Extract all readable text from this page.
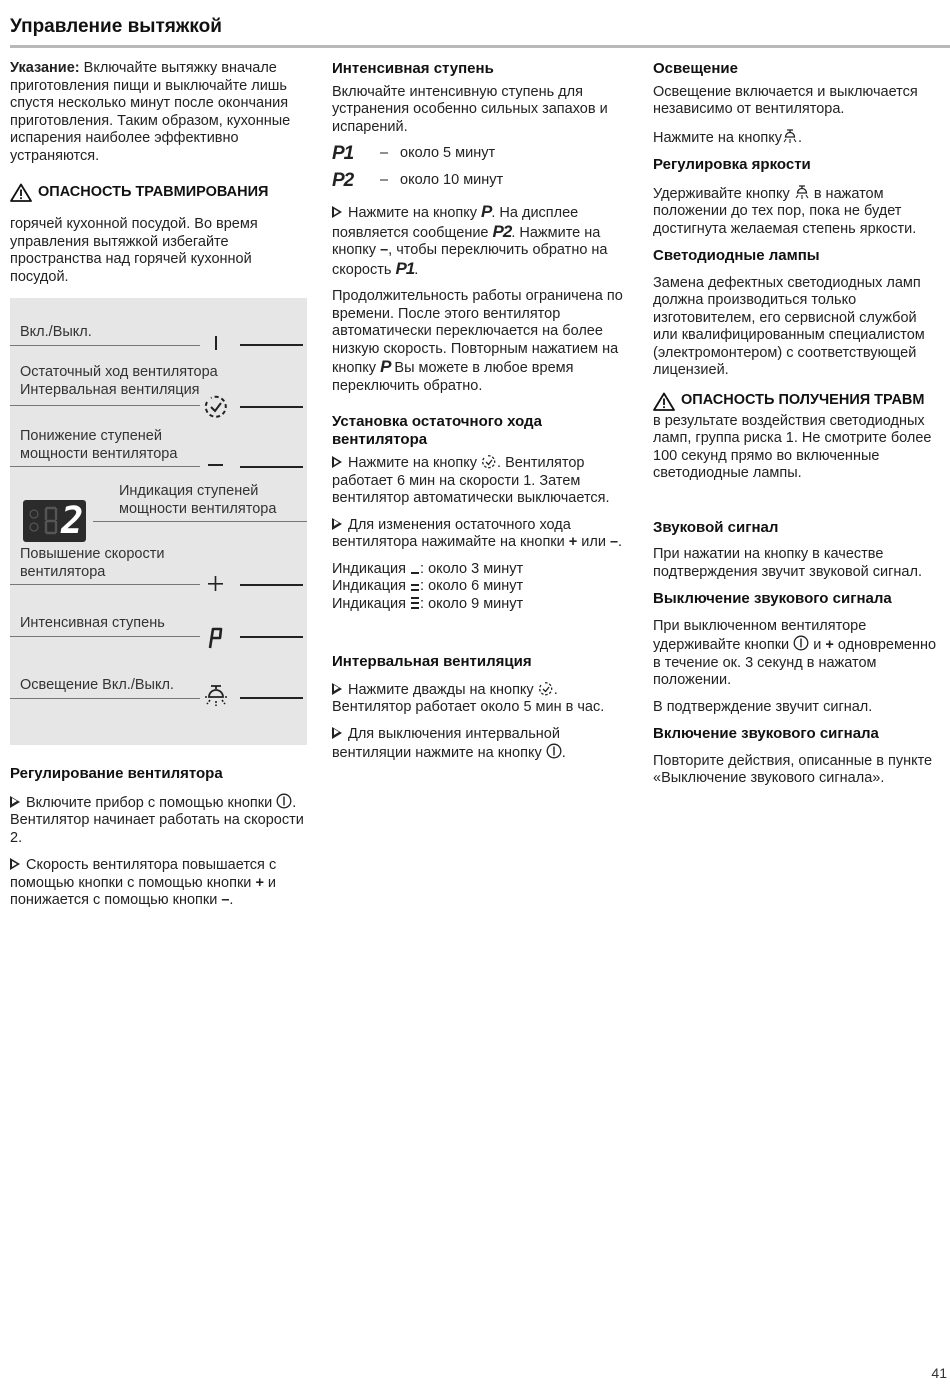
Управление вытяжкой

Указание: Включайте вытяжку вначале приготовления пищи и выключайте лишь спустя несколько минут после окончания приготовления. Таким образом, кухонные испарения наиболее эффективно устраняются.

ОПАСНОСТЬ ТРАВМИРОВАНИЯ

горячей кухонной посудой. Во время управления вытяжкой избегайте пространства над горячей кухонной посудой.

Вкл./Выкл.
Остаточный ход вентилятора
Интервальная вентиляция
Понижение ступеней
мощности вентилятора
Индикация ступеней
мощности вентилятора
2
Повышение скорости
вентилятора
Интенсивная ступень
Освещение Вкл./Выкл.
Регулирование вентилятора

Включите прибор с помощью кнопки . Вентилятор начинает работать на скорости 2.

Скорость вентилятора повышается с помощью кнопки с помощью кнопки + и понижается с помощью кнопки –.

Интенсивная ступень

Включайте интенсивную ступень для устранения особенно сильных запахов и испарений.

P1	– около 5 минут
P2	– около 10 минут

Нажмите на кнопку P. На дисплее появляется сообщение P2. Нажмите на кнопку –, чтобы переключить обратно на скорость P1.

Продолжительность работы ограничена по времени. После этого вентилятор автоматически переключается на более низкую скорость. Повторным нажатием на кнопку P Вы можете в любое время переключить обратно.

Установка остаточного хода вентилятора

Нажмите на кнопку . Вентилятор работает 6 мин на скорости 1. Затем вентилятор автоматически выключается.

Для изменения остаточного хода вентилятора нажимайте на кнопки + или –.

Индикация : около 3 минут
Индикация : около 6 минут
Индикация : около 9 минут
Интервальная вентиляция

Нажмите дважды на кнопку . Вентилятор работает около 5 мин в час.

Для выключения интервальной вентиляции нажмите на кнопку .

Освещение

Освещение включается и выключается независимо от вентилятора.

Нажмите на кнопку .

Регулировка яркости

Удерживайте кнопку  в нажатом положении до тех пор, пока не будет достигнута желаемая степень яркости.

Светодиодные лампы

Замена дефектных светодиодных ламп должна производиться только изготовителем, его сервисной службой или квалифицированным специалистом (электромонтером) с соответствующей лицензией.

ОПАСНОСТЬ ПОЛУЧЕНИЯ ТРАВМ

в результате воздействия светодиодных ламп, группа риска 1. Не смотрите более 100 секунд прямо во включенные светодиодные лампы.

Звуковой сигнал

При нажатии на кнопку в качестве подтверждения звучит звуковой сигнал.

Выключение звукового сигнала

При выключенном вентиляторе удерживайте кнопки  и + одновременно в течение ок. 3 секунд в нажатом положении.

В подтверждение звучит сигнал.

Включение звукового сигнала

Повторите действия, описанные в пункте «Выключение звукового сигнала».

41
